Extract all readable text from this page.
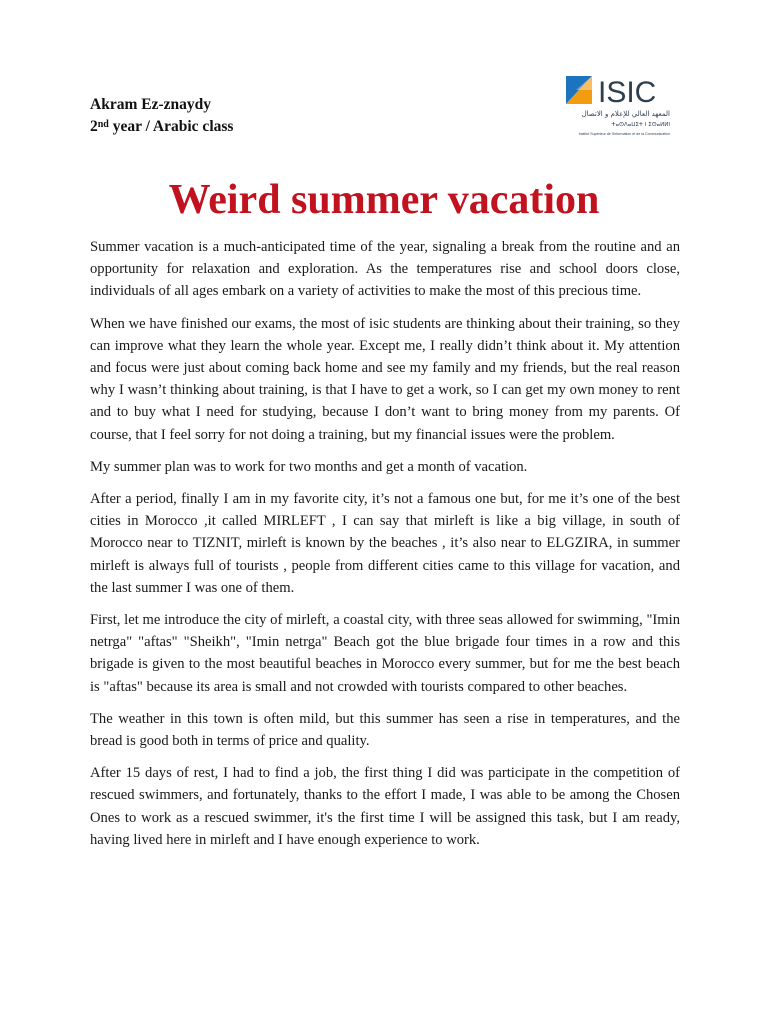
Akram Ez-znaydy
2nd year / Arabic class
ISIC
المعهد العالي للإعلام و الاتصال
ⵜⴰⵙⴷⴰⵡⵉⵜ ⵏ ⵉⵙⴰⵍⵍⵏ
Institut Supérieur de l'Information et de la Communication
Weird summer vacation

Summer vacation is a much-anticipated time of the year, signaling a break from the routine and an opportunity for relaxation and exploration. As the temperatures rise and school doors close, individuals of all ages embark on a variety of activities to make the most of this precious time.

When we have finished our exams, the most of isic students are thinking about their training, so they can improve what they learn the whole year. Except me, I really didn’t think about it. My attention and focus were just about coming back home and see my family and my friends, but the real reason why I wasn’t thinking about training, is that I have to get a work, so I can get my own money to rent and to buy what I need for studying, because I don’t want to bring money from my parents. Of course, that I feel sorry for not doing a training, but my financial issues were the problem.

My summer plan was to work for two months and get a month of vacation.

After a period, finally I am in my favorite city, it’s not a famous one but, for me it’s one of the best cities in Morocco ,it called MIRLEFT , I can say that mirleft is like a big village, in south of Morocco near to TIZNIT, mirleft is known by the beaches , it’s also near to ELGZIRA, in summer mirleft is always full of tourists , people from different cities came to this village for vacation, and the last summer I was one of them.

First, let me introduce the city of mirleft, a coastal city, with three seas allowed for swimming, "Imin netrga" "aftas" "Sheikh", "Imin netrga" Beach got the blue brigade four times in a row and this brigade is given to the most beautiful beaches in Morocco every summer, but for me the best beach is "aftas" because its area is small and not crowded with tourists compared to other beaches.

The weather in this town is often mild, but this summer has seen a rise in temperatures, and the bread is good both in terms of price and quality.

After 15 days of rest, I had to find a job, the first thing I did was participate in the competition of rescued swimmers, and fortunately, thanks to the effort I made, I was able to be among the Chosen Ones to work as a rescued swimmer, it's the first time I will be assigned this task, but I am ready, having lived here in mirleft and I have enough experience to work.
